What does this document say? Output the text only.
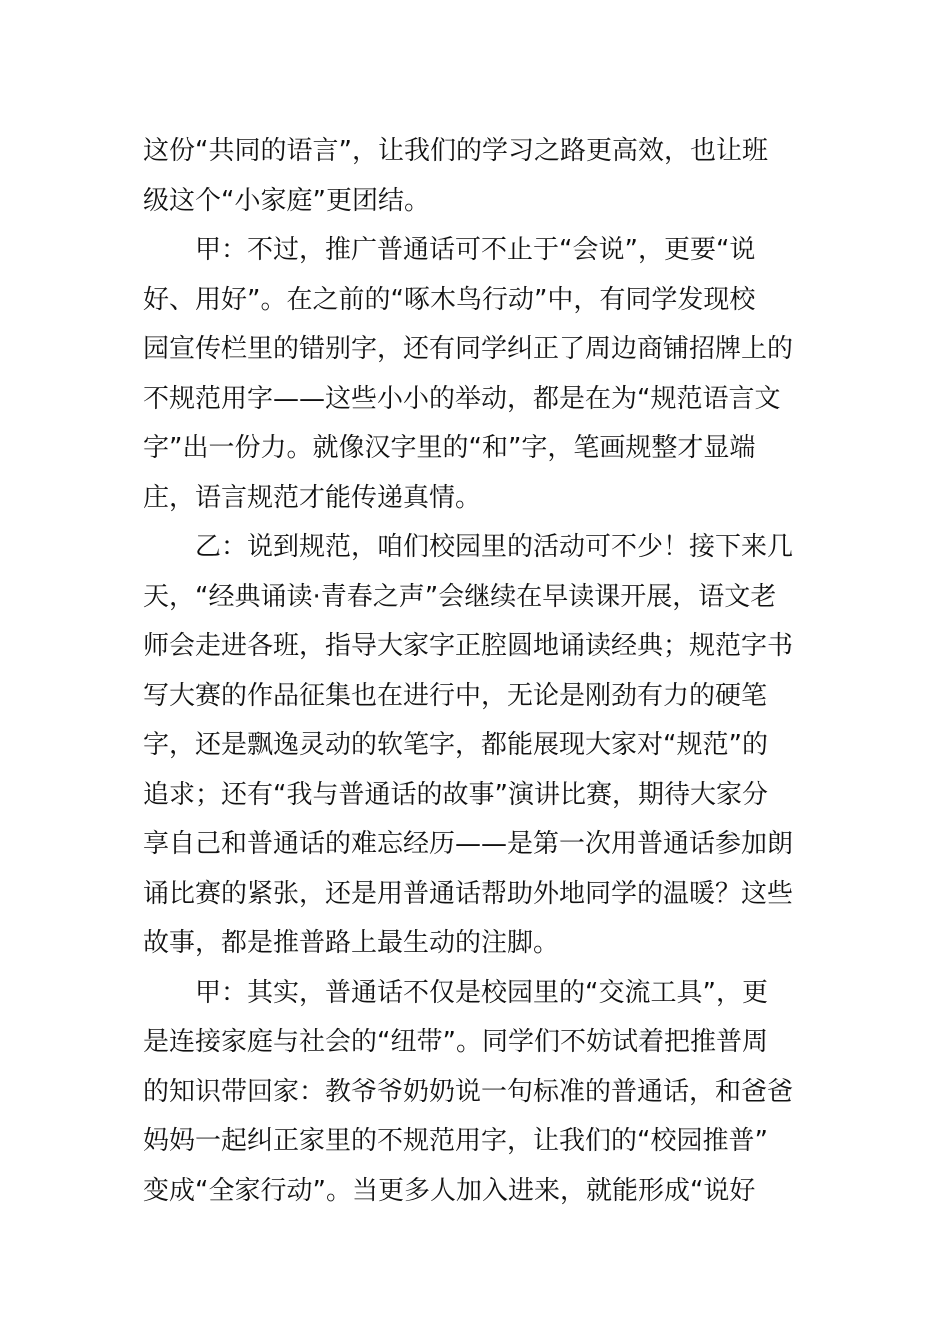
这份“共同的语言”，让我们的学习之路更高效，也让班
级这个“小家庭”更团结。
甲：不过，推广普通话可不止于“会说”，更要“说
好、用好”。在之前的“啄木鸟行动”中，有同学发现校
园宣传栏里的错别字，还有同学纠正了周边商铺招牌上的
不规范用字——这些小小的举动，都是在为“规范语言文
字”出一份力。就像汉字里的“和”字，笔画规整才显端
庄，语言规范才能传递真情。
乙：说到规范，咱们校园里的活动可不少！接下来几
天，“经典诵读·青春之声”会继续在早读课开展，语文老
师会走进各班，指导大家字正腔圆地诵读经典；规范字书
写大赛的作品征集也在进行中，无论是刚劲有力的硬笔
字，还是飘逸灵动的软笔字，都能展现大家对“规范”的
追求；还有“我与普通话的故事”演讲比赛，期待大家分
享自己和普通话的难忘经历——是第一次用普通话参加朗
诵比赛的紧张，还是用普通话帮助外地同学的温暖？这些
故事，都是推普路上最生动的注脚。
甲：其实，普通话不仅是校园里的“交流工具”，更
是连接家庭与社会的“纽带”。同学们不妨试着把推普周
的知识带回家：教爷爷奶奶说一句标准的普通话，和爸爸
妈妈一起纠正家里的不规范用字，让我们的“校园推普”
变成“全家行动”。当更多人加入进来，就能形成“说好
